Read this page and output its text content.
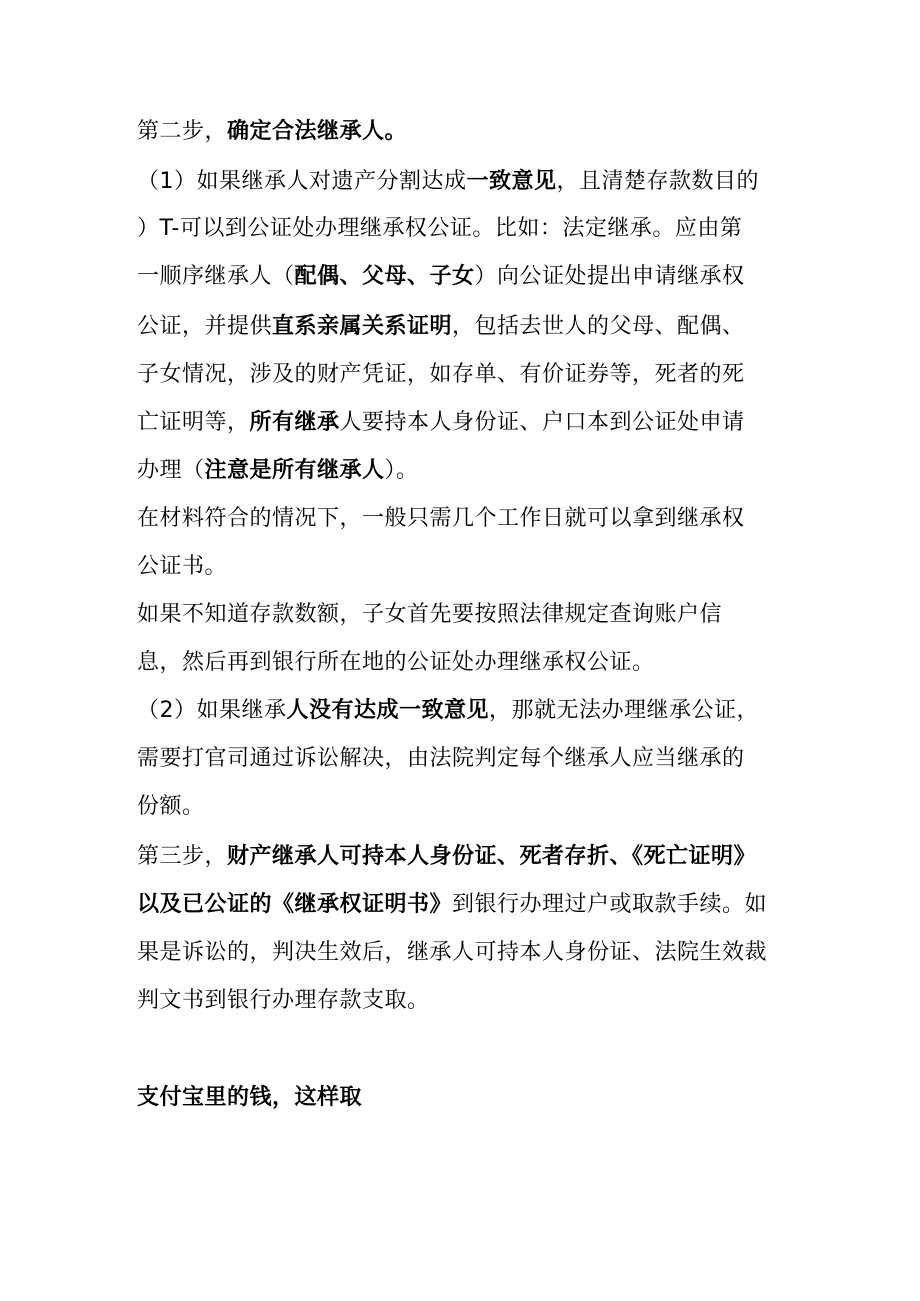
第二步，确定合法继承人。
（1）如果继承人对遗产分割达成一致意见，且清楚存款数目的
）T-可以到公证处办理继承权公证。比如：法定继承。应由第
一顺序继承人（配偶、父母、子女）向公证处提出申请继承权
公证，并提供直系亲属关系证明，包括去世人的父母、配偶、
子女情况，涉及的财产凭证，如存单、有价证券等，死者的死
亡证明等，所有继承人要持本人身份证、户口本到公证处申请
办理（注意是所有继承人）。
在材料符合的情况下，一般只需几个工作日就可以拿到继承权
公证书。
如果不知道存款数额，子女首先要按照法律规定查询账户信
息，然后再到银行所在地的公证处办理继承权公证。
（2）如果继承人没有达成一致意见，那就无法办理继承公证，
需要打官司通过诉讼解决，由法院判定每个继承人应当继承的
份额。
第三步，财产继承人可持本人身份证、死者存折、《死亡证明》
以及已公证的《继承权证明书》到银行办理过户或取款手续。如
果是诉讼的，判决生效后，继承人可持本人身份证、法院生效裁
判文书到银行办理存款支取。
支付宝里的钱，这样取
